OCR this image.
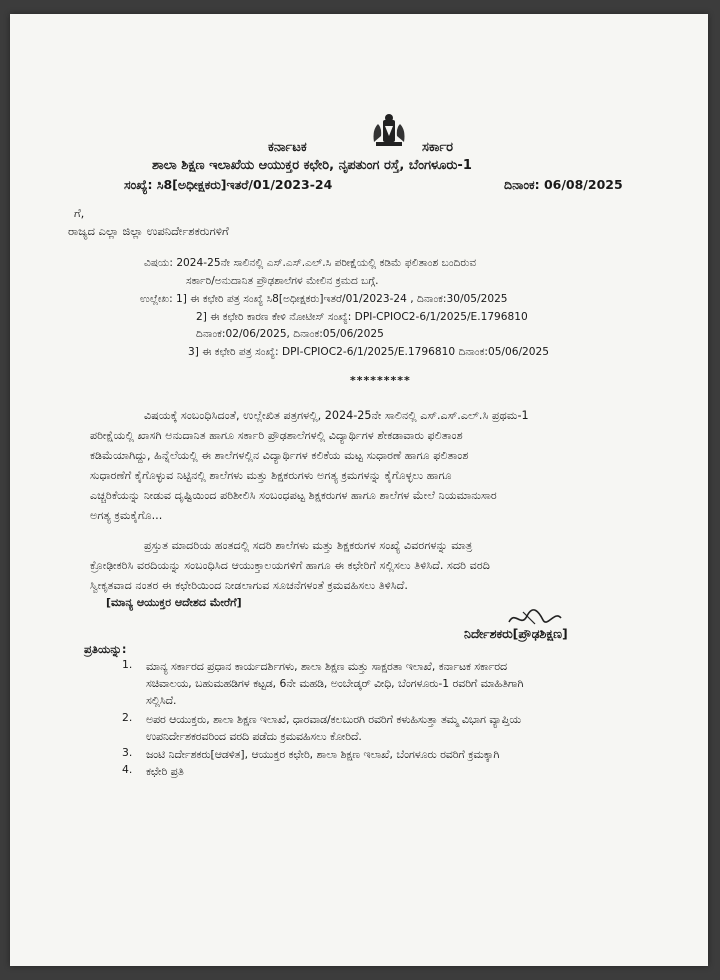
ಕರ್ನಾಟಕ	ಸರ್ಕಾರ
ಶಾಲಾ ಶಿಕ್ಷಣ ಇಲಾಖೆಯ ಆಯುಕ್ತರ ಕಛೇರಿ, ನೃಪತುಂಗ ರಸ್ತೆ, ಬೆಂಗಳೂರು-1
ಸಂಖ್ಯೆ: ಸಿ8[ಅಧೀಕ್ಷಕರು]ಇತರೆ/01/2023-24	ದಿನಾಂಕ: 06/08/2025
ಗೆ,
ರಾಜ್ಯದ ಎಲ್ಲಾ ಜಿಲ್ಲಾ ಉಪನಿರ್ದೇಶಕರುಗಳಿಗೆ
ವಿಷಯ: 2024-25ನೇ ಸಾಲಿನಲ್ಲಿ ಎಸ್.ಎಸ್.ಎಲ್.ಸಿ ಪರೀಕ್ಷೆಯಲ್ಲಿ ಕಡಿಮೆ ಫಲಿತಾಂಶ ಬಂದಿರುವ
ಸರ್ಕಾರಿ/ಅನುದಾನಿತ ಪ್ರೌಢಶಾಲೆಗಳ ಮೇಲಿನ ಕ್ರಮದ ಬಗ್ಗೆ.
ಉಲ್ಲೇಖ: 1] ಈ ಕಛೇರಿ ಪತ್ರ ಸಂಖ್ಯೆ ಸಿ8[ಅಧೀಕ್ಷಕರು]ಇತರೆ/01/2023-24 , ದಿನಾಂಕ:30/05/2025
2] ಈ ಕಛೇರಿ ಕಾರಣ ಕೇಳಿ ನೋಟೀಸ್ ಸಂಖ್ಯೆ: DPI-CPIOC2-6/1/2025/E.1796810
ದಿನಾಂಕ:02/06/2025, ದಿನಾಂಕ:05/06/2025
3] ಈ ಕಛೇರಿ ಪತ್ರ ಸಂಖ್ಯೆ: DPI-CPIOC2-6/1/2025/E.1796810 ದಿನಾಂಕ:05/06/2025
*********
ವಿಷಯಕ್ಕೆ ಸಂಬಂಧಿಸಿದಂತೆ, ಉಲ್ಲೇಖಿತ ಪತ್ರಗಳಲ್ಲಿ, 2024-25ನೇ ಸಾಲಿನಲ್ಲಿ ಎಸ್.ಎಸ್.ಎಲ್.ಸಿ ಪ್ರಥಮ-1
ಪರೀಕ್ಷೆಯಲ್ಲಿ ಖಾಸಗಿ ಅನುದಾನಿತ ಹಾಗೂ ಸರ್ಕಾರಿ ಪ್ರೌಢಶಾಲೆಗಳಲ್ಲಿ ವಿದ್ಯಾರ್ಥಿಗಳ ಶೇಕಡಾವಾರು ಫಲಿತಾಂಶ
ಕಡಿಮೆಯಾಗಿದ್ದು, ಹಿನ್ನೆಲೆಯಲ್ಲಿ ಈ ಶಾಲೆಗಳಲ್ಲಿನ ವಿದ್ಯಾರ್ಥಿಗಳ ಕಲಿಕೆಯ ಮಟ್ಟ ಸುಧಾರಣೆ ಹಾಗೂ ಫಲಿತಾಂಶ
ಸುಧಾರಣೆಗೆ ಕೈಗೊಳ್ಳುವ ನಿಟ್ಟಿನಲ್ಲಿ ಶಾಲೆಗಳು ಮತ್ತು ಶಿಕ್ಷಕರುಗಳು ಅಗತ್ಯ ಕ್ರಮಗಳನ್ನು ಕೈಗೊಳ್ಳಲು ಹಾಗೂ
ಎಚ್ಚರಿಕೆಯನ್ನು ನೀಡುವ ದೃಷ್ಟಿಯಿಂದ ಪರಿಶೀಲಿಸಿ ಸಂಬಂಧಪಟ್ಟ ಶಿಕ್ಷಕರುಗಳ ಹಾಗೂ ಶಾಲೆಗಳ ಮೇಲೆ ನಿಯಮಾನುಸಾರ
ಅಗತ್ಯ ಕ್ರಮಕೈಗೊ...
ಪ್ರಸ್ತುತ ಮಾದರಿಯ ಹಂತದಲ್ಲಿ ಸದರಿ ಶಾಲೆಗಳು ಮತ್ತು ಶಿಕ್ಷಕರುಗಳ ಸಂಖ್ಯೆ ವಿವರಗಳನ್ನು ಮಾತ್ರ
ಕ್ರೋಢೀಕರಿಸಿ ವರದಿಯನ್ನು ಸಂಬಂಧಿಸಿದ ಆಯುಕ್ತಾಲಯಗಳಿಗೆ ಹಾಗೂ ಈ ಕಛೇರಿಗೆ ಸಲ್ಲಿಸಲು ತಿಳಿಸಿದೆ. ಸದರಿ ವರದಿ
ಸ್ವೀಕೃತವಾದ ನಂತರ ಈ ಕಛೇರಿಯಿಂದ ನೀಡಲಾಗುವ ಸೂಚನೆಗಳಂತೆ ಕ್ರಮವಹಿಸಲು ತಿಳಿಸಿದೆ.
[ಮಾನ್ಯ ಆಯುಕ್ತರ ಆದೇಶದ ಮೇರೆಗೆ]
ನಿರ್ದೇಶಕರು[ಪ್ರೌಢಶಿಕ್ಷಣ]
ಪ್ರತಿಯನ್ನು:
1. ಮಾನ್ಯ ಸರ್ಕಾರದ ಪ್ರಧಾನ ಕಾರ್ಯದರ್ಶಿಗಳು, ಶಾಲಾ ಶಿಕ್ಷಣ ಮತ್ತು ಸಾಕ್ಷರತಾ ಇಲಾಖೆ, ಕರ್ನಾಟಕ ಸರ್ಕಾರದ
ಸಚಿವಾಲಯ, ಬಹುಮಹಡಿಗಳ ಕಟ್ಟಡ, 6ನೇ ಮಹಡಿ, ಅಂಬೇಡ್ಕರ್ ವೀಧಿ, ಬೆಂಗಳೂರು-1 ರವರಿಗೆ ಮಾಹಿತಿಗಾಗಿ
ಸಲ್ಲಿಸಿದೆ.
2. ಅಪರ ಆಯುಕ್ತರು, ಶಾಲಾ ಶಿಕ್ಷಣ ಇಲಾಖೆ, ಧಾರವಾಡ/ಕಲಬುರಗಿ ರವರಿಗೆ ಕಳುಹಿಸುತ್ತಾ ತಮ್ಮ ವಿಭಾಗ ವ್ಯಾಪ್ತಿಯ
ಉಪನಿರ್ದೇಶಕರವರಿಂದ ವರದಿ ಪಡೆದು ಕ್ರಮವಹಿಸಲು ಕೋರಿದೆ.
3. ಜಂಟಿ ನಿರ್ದೇಶಕರು[ಆಡಳಿತ], ಆಯುಕ್ತರ ಕಛೇರಿ, ಶಾಲಾ ಶಿಕ್ಷಣ ಇಲಾಖೆ, ಬೆಂಗಳೂರು ರವರಿಗೆ ಕ್ರಮಕ್ಕಾಗಿ
4. ಕಛೇರಿ ಪ್ರತಿ
